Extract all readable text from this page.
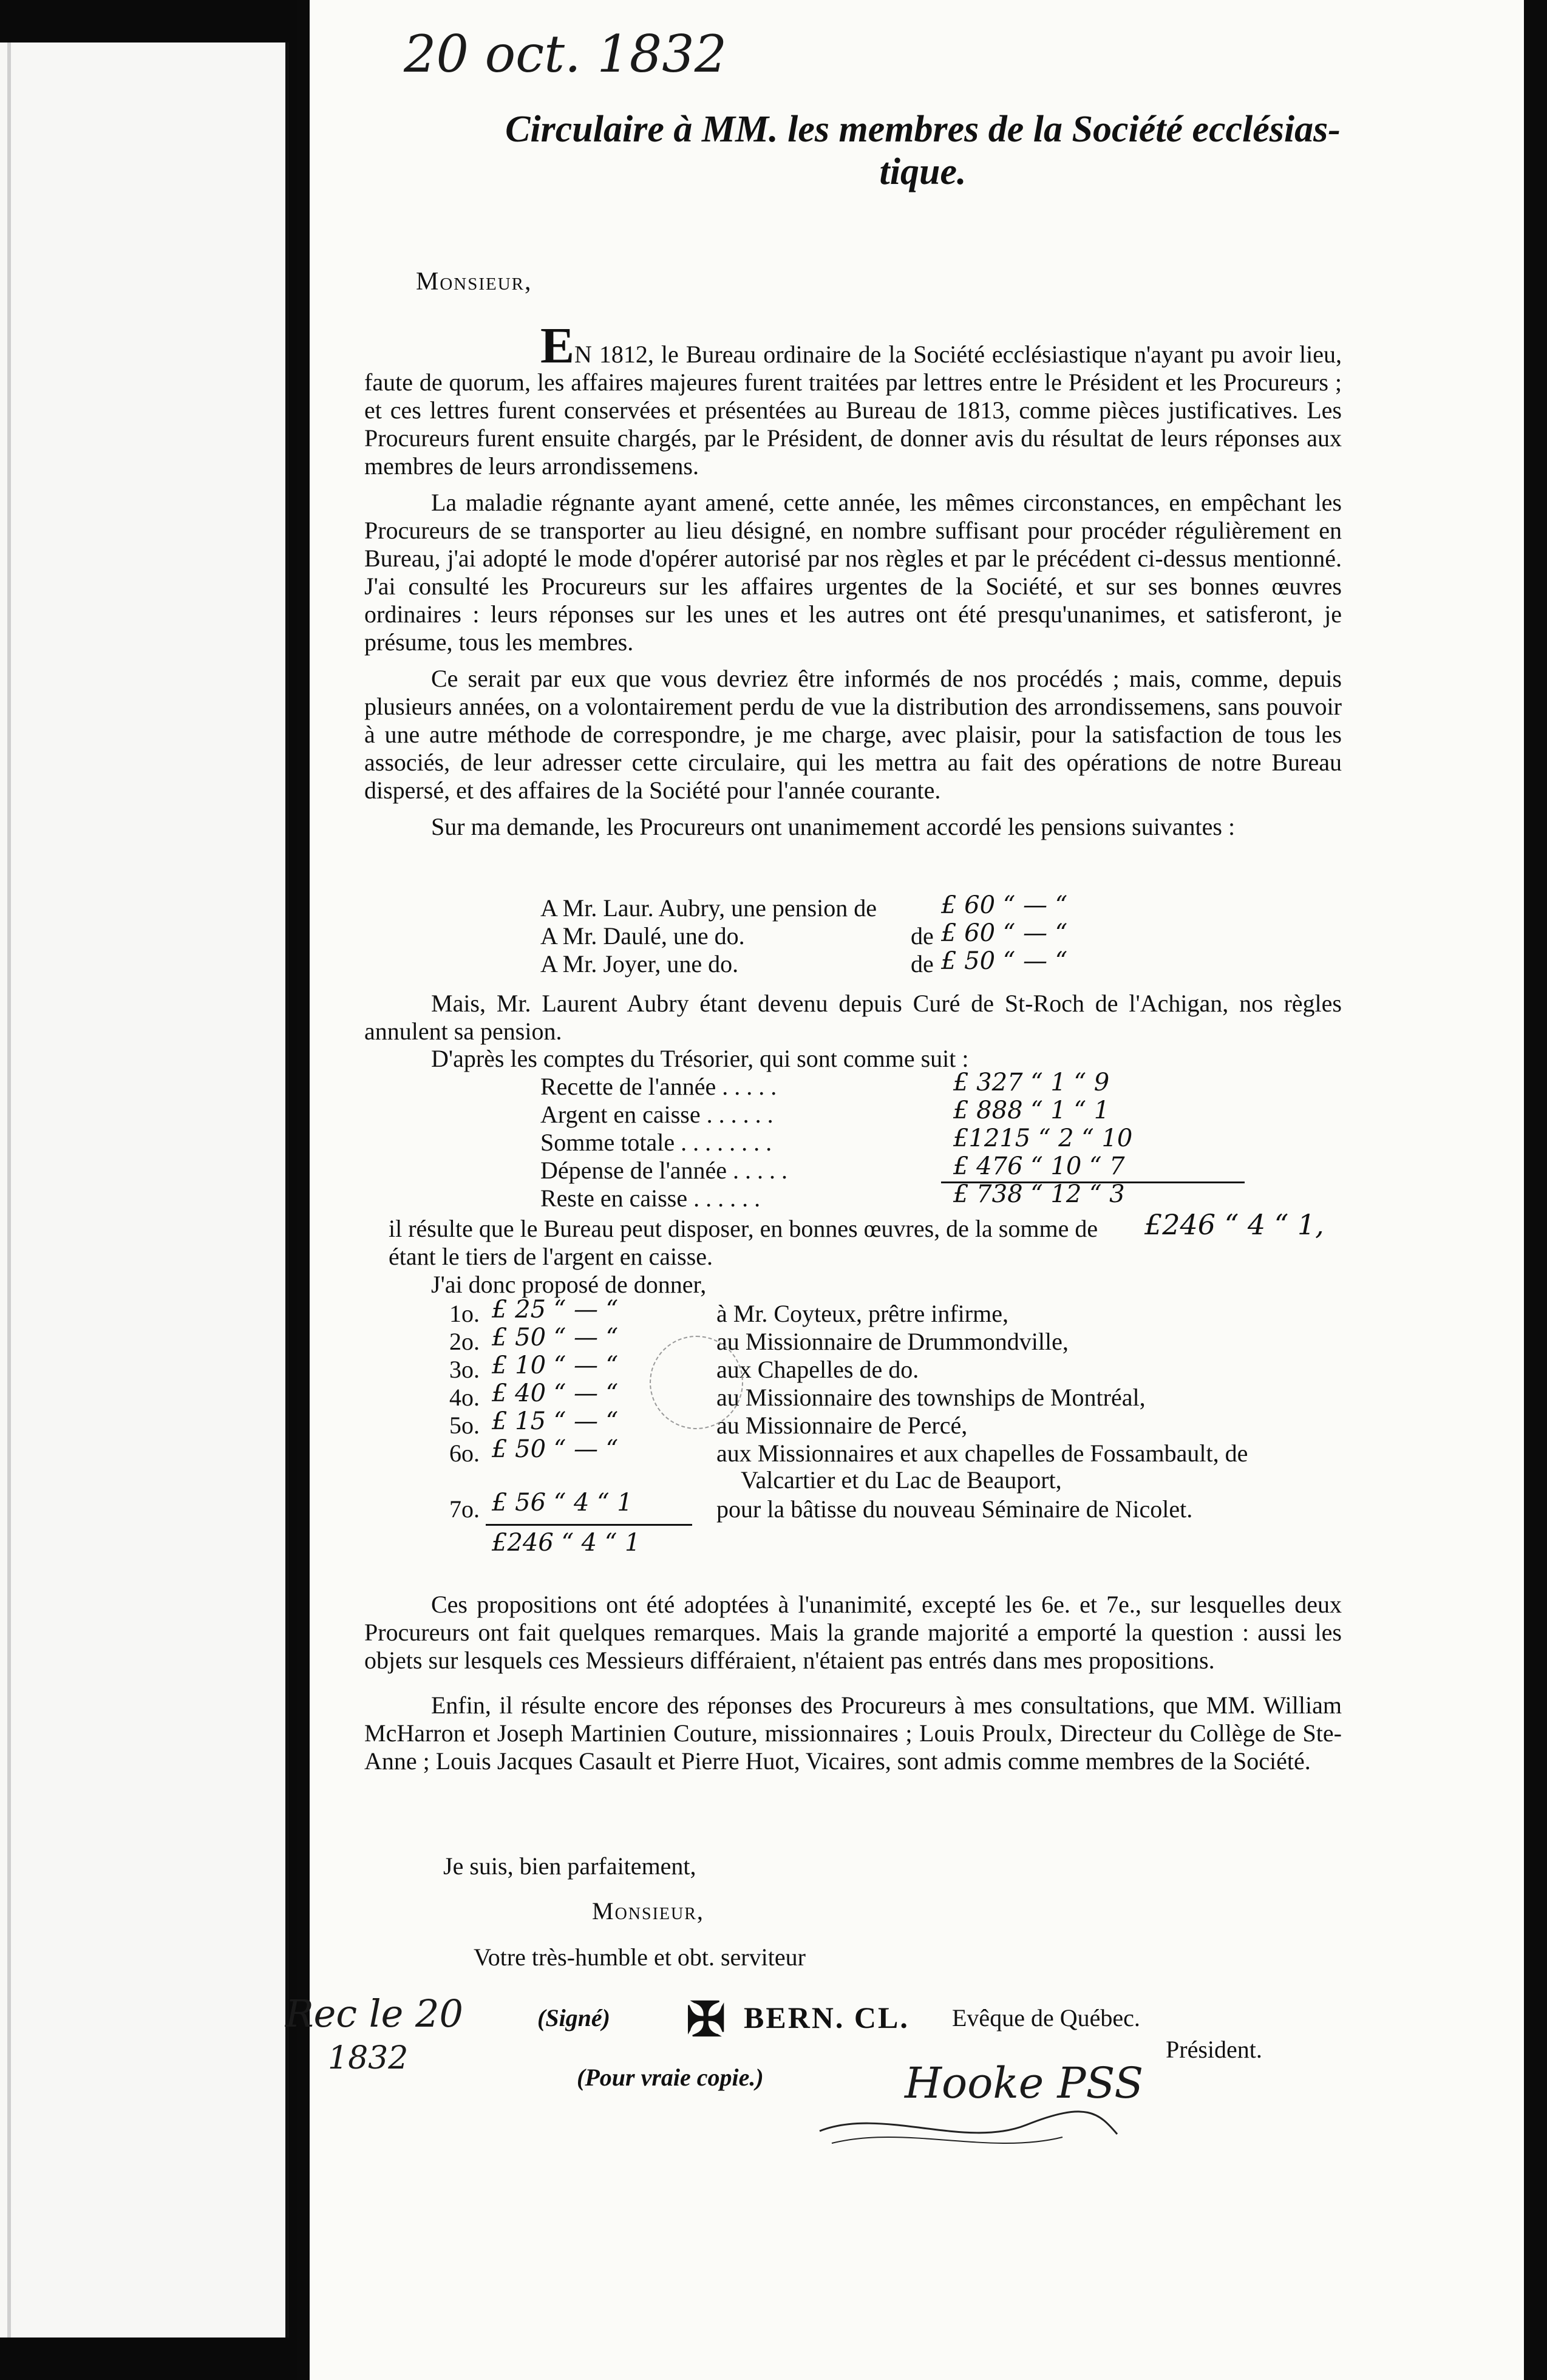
20 oct. 1832
Circulaire à MM. les membres de la Société ecclésias-
tique.
Monsieur,

EN 1812, le Bureau ordinaire de la Société ecclésiastique n'ayant pu avoir lieu, faute de quorum, les affaires majeures furent traitées par lettres entre le Président et les Procureurs ; et ces lettres furent conservées et présentées au Bureau de 1813, comme pièces justificatives. Les Procureurs furent ensuite chargés, par le Président, de donner avis du résultat de leurs réponses aux membres de leurs arrondissemens.

La maladie régnante ayant amené, cette année, les mêmes circonstances, en empêchant les Procureurs de se transporter au lieu désigné, en nombre suffisant pour procéder régulièrement en Bureau, j'ai adopté le mode d'opérer autorisé par nos règles et par le précédent ci-dessus mentionné. J'ai consulté les Procureurs sur les affaires urgentes de la Société, et sur ses bonnes œuvres ordinaires : leurs réponses sur les unes et les autres ont été presqu'unanimes, et satisferont, je présume, tous les membres.

Ce serait par eux que vous devriez être informés de nos procédés ; mais, comme, depuis plusieurs années, on a volontairement perdu de vue la distribution des arrondissemens, sans pouvoir à une autre méthode de correspondre, je me charge, avec plaisir, pour la satisfaction de tous les associés, de leur adresser cette circulaire, qui les mettra au fait des opérations de notre Bureau dispersé, et des affaires de la Société pour l'année courante.

Sur ma demande, les Procureurs ont unanimement accordé les pensions suivantes :

A Mr. Laur. Aubry, une pension de	£ 60 “ — “
A Mr. Daulé, une do.	de £ 60 “ — “
A Mr. Joyer, une do.	de £ 50 “ — “

Mais, Mr. Laurent Aubry étant devenu depuis Curé de St-Roch de l'Achigan, nos règles annulent sa pension.

D'après les comptes du Trésorier, qui sont comme suit :
Recette de l'année . . . . .	£ 327 “ 1 “ 9
Argent en caisse . . . . . .	£ 888 “ 1 “ 1
Somme totale . . . . . . . .	£1215 “ 2 “ 10
Dépense de l'année . . . . .	£ 476 “ 10 “ 7
Reste en caisse . . . . . .	£ 738 “ 12 “ 3
il résulte que le Bureau peut disposer, en bonnes œuvres, de la somme de £246 “ 4 “ 1,
étant le tiers de l'argent en caisse.
J'ai donc proposé de donner,
1o. £ 25 “ — “	à Mr. Coyteux, prêtre infirme,
2o. £ 50 “ — “	au Missionnaire de Drummondville,
3o. £ 10 “ — “	aux Chapelles de do.
4o. £ 40 “ — “	au Missionnaire des townships de Montréal,
5o. £ 15 “ — “	au Missionnaire de Percé,
6o. £ 50 “ — “	aux Missionnaires et aux chapelles de Fossambault, de
Valcartier et du Lac de Beauport,
7o. £ 56 “ 4 “ 1	pour la bâtisse du nouveau Séminaire de Nicolet.
£246 “ 4 “ 1

Ces propositions ont été adoptées à l'unanimité, excepté les 6e. et 7e., sur lesquelles deux Procureurs ont fait quelques remarques. Mais la grande majorité a emporté la question : aussi les objets sur lesquels ces Messieurs différaient, n'étaient pas entrés dans mes propositions.

Enfin, il résulte encore des réponses des Procureurs à mes consultations, que MM. William McHarron et Joseph Martinien Couture, missionnaires ; Louis Proulx, Directeur du Collège de Ste-Anne ; Louis Jacques Casault et Pierre Huot, Vicaires, sont admis comme membres de la Société.

Je suis, bien parfaitement,
Monsieur,
Votre très-humble et obt. serviteur
Rec le 20
1832
(Signé) ✠ BERN. CL. Evêque de Québec.
Président.
(Pour vraie copie.)	Hooke PSS
